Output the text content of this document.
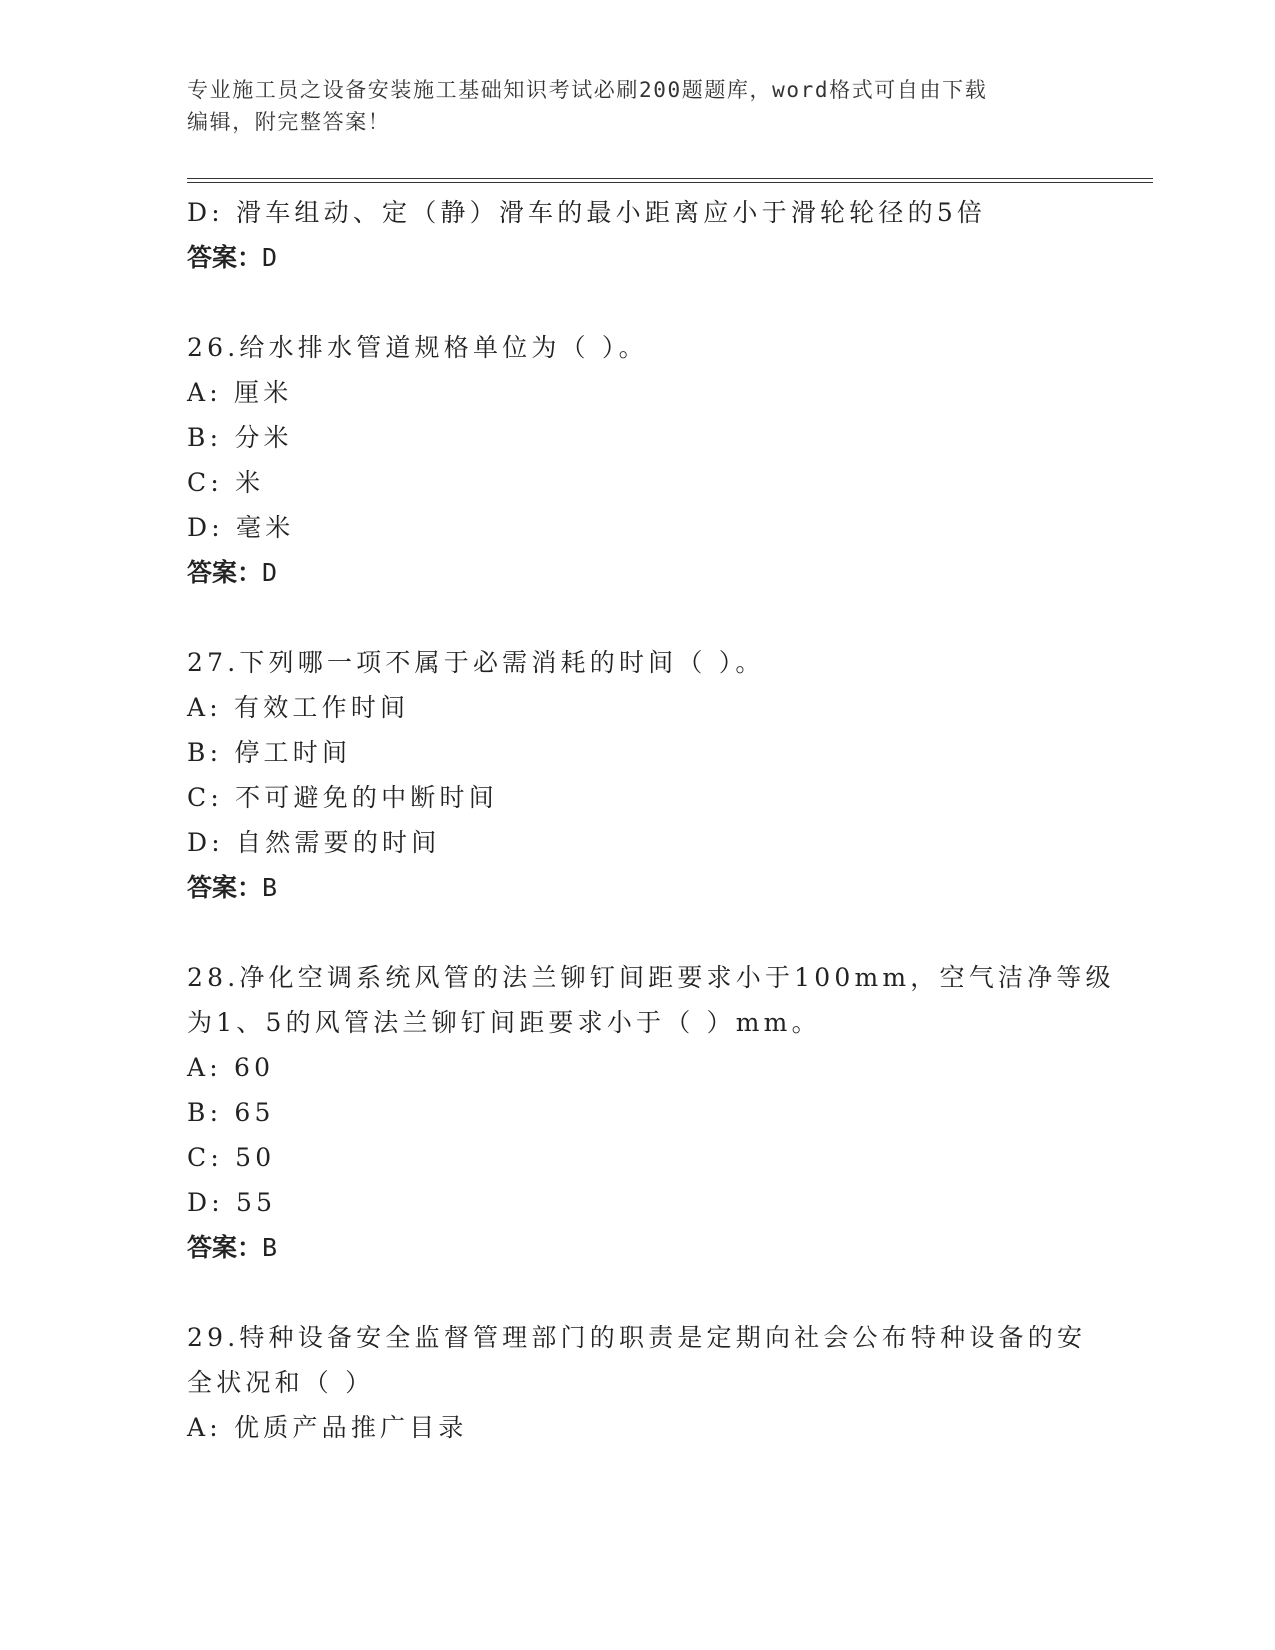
专业施工员之设备安装施工基础知识考试必刷200题题库，word格式可自由下载
编辑，附完整答案！

D: 滑车组动、定（静）滑车的最小距离应小于滑轮轮径的5倍

答案：D

26.给水排水管道规格单位为（ ）。

A: 厘米

B: 分米

C: 米

D: 毫米

答案：D

27.下列哪一项不属于必需消耗的时间（ ）。

A: 有效工作时间

B: 停工时间

C: 不可避免的中断时间

D: 自然需要的时间

答案：B

28.净化空调系统风管的法兰铆钉间距要求小于100mm，空气洁净等级

为1、5的风管法兰铆钉间距要求小于（ ）mm。

A: 60

B: 65

C: 50

D: 55

答案：B

29.特种设备安全监督管理部门的职责是定期向社会公布特种设备的安

全状况和（ ）

A: 优质产品推广目录
